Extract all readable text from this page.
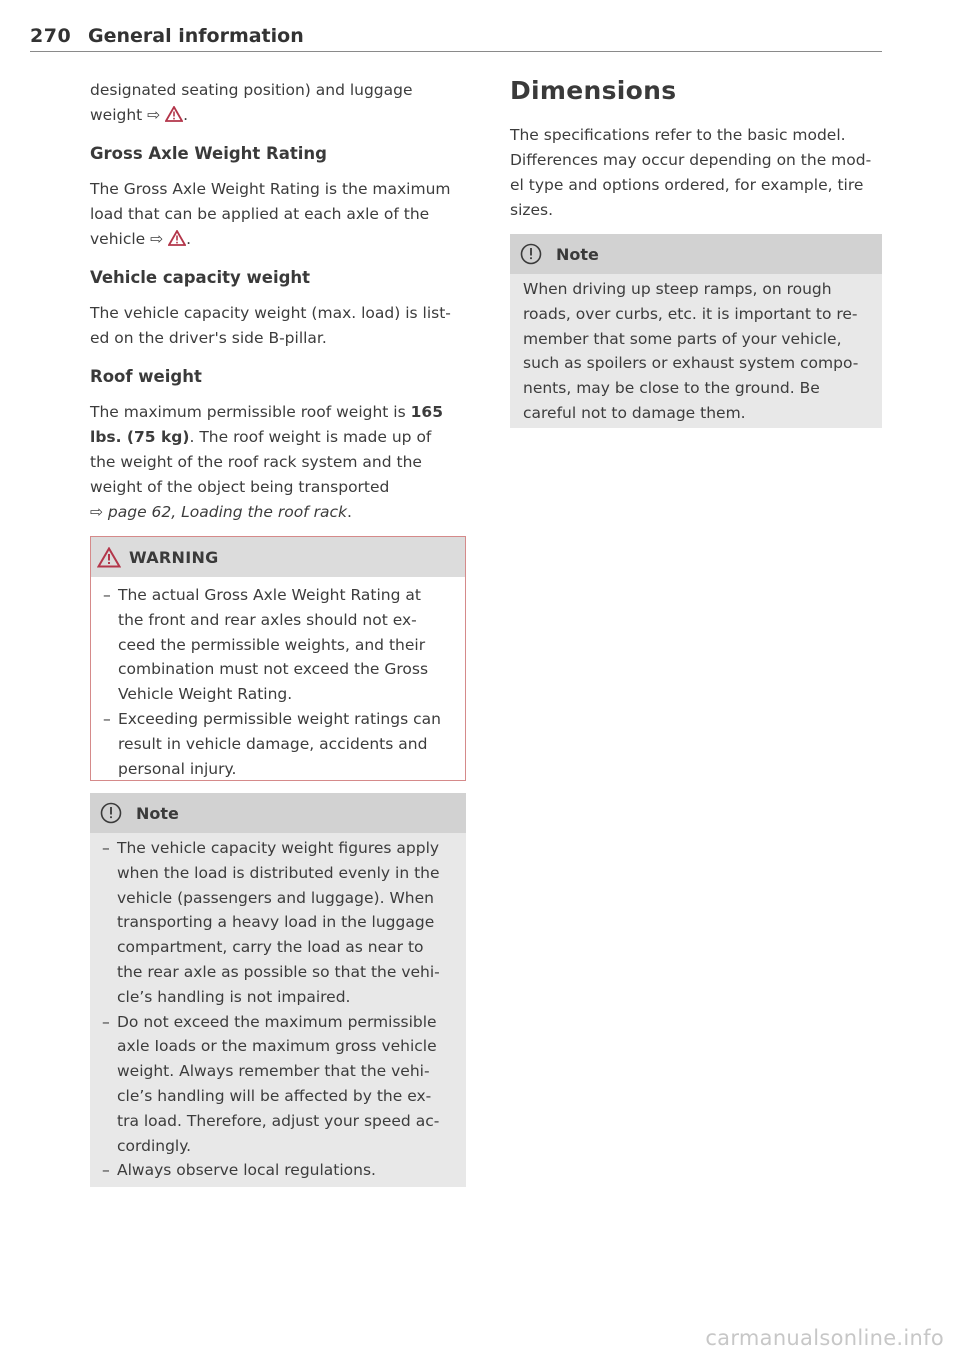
270 General information

designated seating position) and luggage

weight ⇨ .

Gross Axle Weight Rating

The Gross Axle Weight Rating is the maximum

load that can be applied at each axle of the

vehicle ⇨ .

Vehicle capacity weight

The vehicle capacity weight (max. load) is list-

ed on the driver's side B-pillar.

Roof weight

The maximum permissible roof weight is 165

lbs. (75 kg). The roof weight is made up of

the weight of the roof rack system and the

weight of the object being transported

⇨ page 62, Loading the roof rack.

WARNING
– The actual Gross Axle Weight Rating at
the front and rear axles should not ex-
ceed the permissible weights, and their
combination must not exceed the Gross
Vehicle Weight Rating.
– Exceeding permissible weight ratings can
result in vehicle damage, accidents and
personal injury.
Note
– The vehicle capacity weight figures apply
when the load is distributed evenly in the
vehicle (passengers and luggage). When
transporting a heavy load in the luggage
compartment, carry the load as near to
the rear axle as possible so that the vehi-
cle’s handling is not impaired.
– Do not exceed the maximum permissible
axle Ioads or the maximum gross vehicle
weight. Always remember that the vehi-
cle’s handling will be affected by the ex-
tra load. Therefore, adjust your speed ac-
cordingly.
– Always observe local regulations.
Dimensions

The specifications refer to the basic model.

Differences may occur depending on the mod-

el type and options ordered, for example, tire

sizes.

Note

When driving up steep ramps, on rough

roads, over curbs, etc. it is important to re-

member that some parts of your vehicle,

such as spoilers or exhaust system compo-

nents, may be close to the ground. Be

careful not to damage them.

carmanualsonline.info
